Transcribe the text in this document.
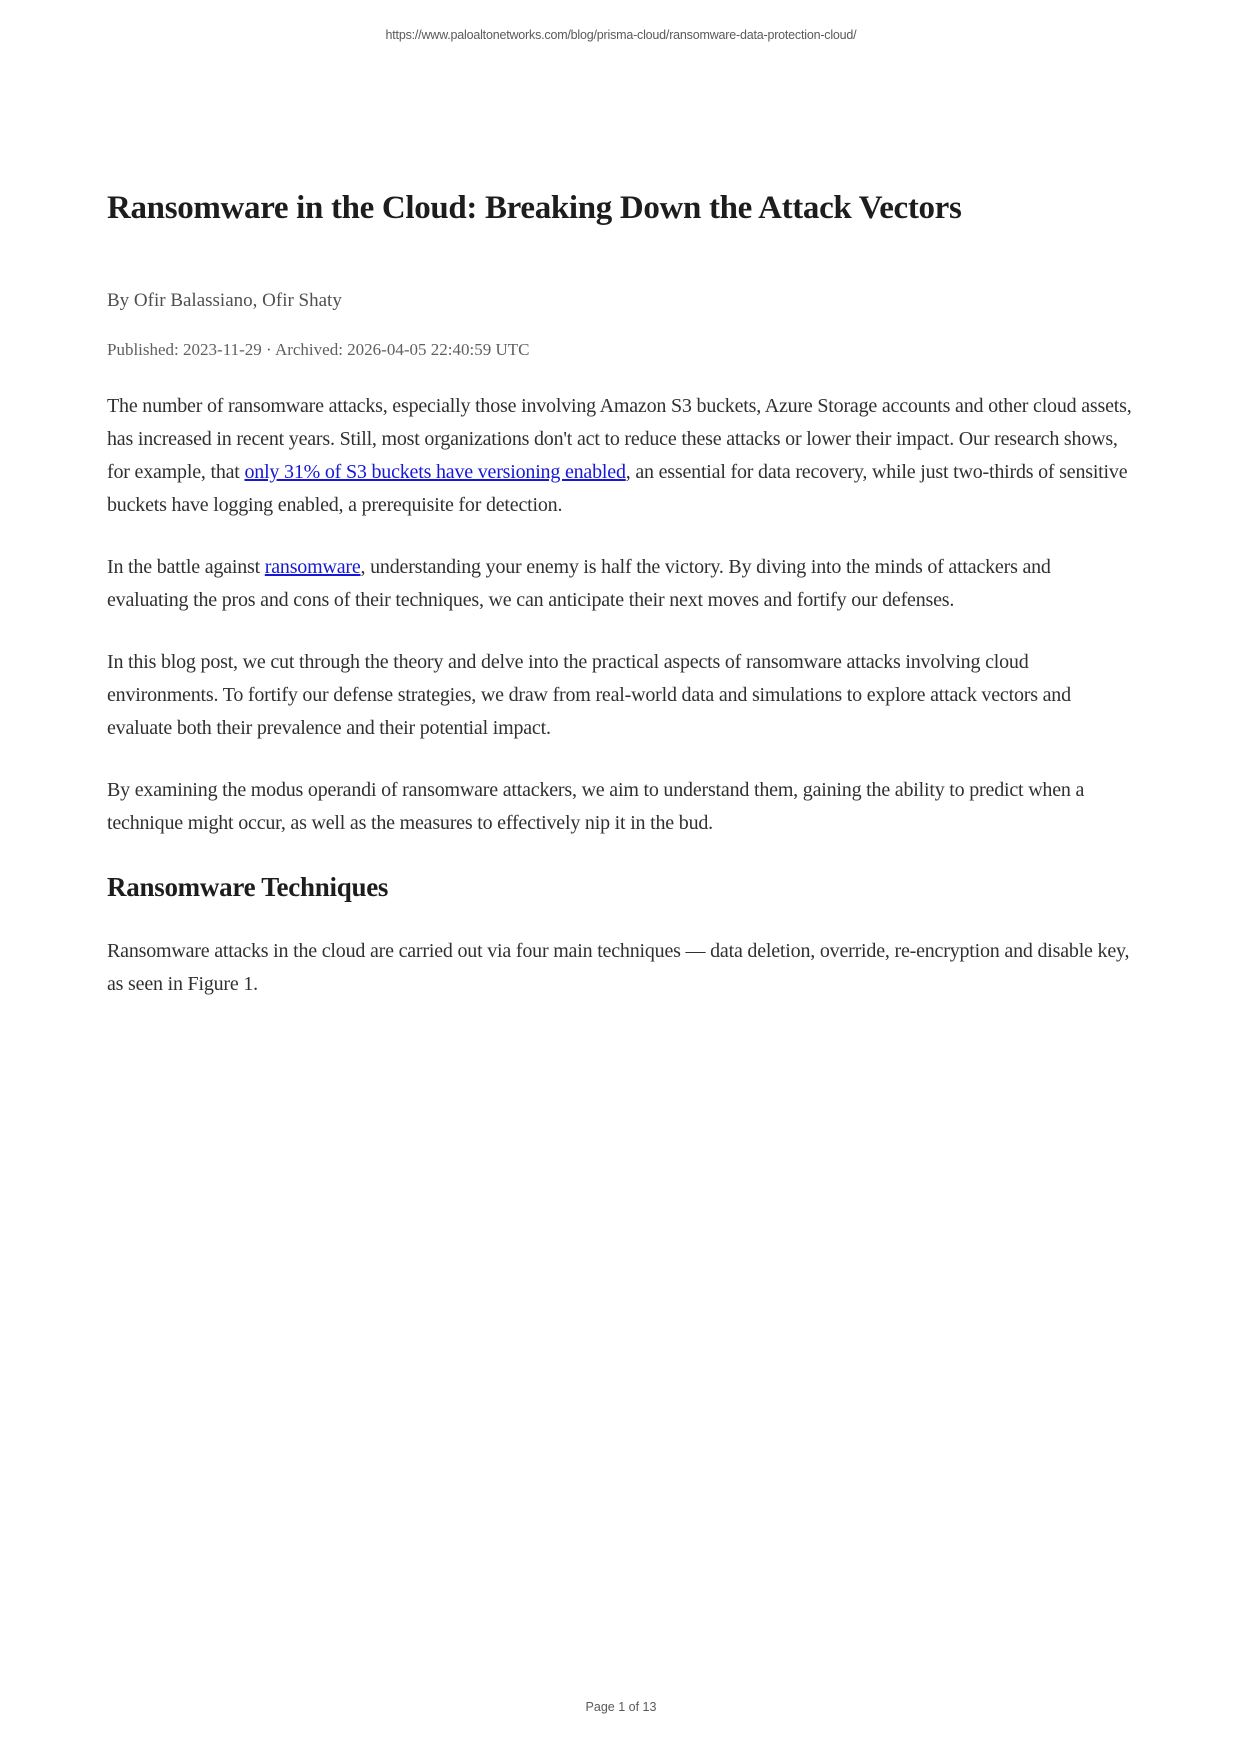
https://www.paloaltonetworks.com/blog/prisma-cloud/ransomware-data-protection-cloud/
Ransomware in the Cloud: Breaking Down the Attack Vectors
By Ofir Balassiano, Ofir Shaty
Published: 2023-11-29 · Archived: 2026-04-05 22:40:59 UTC

The number of ransomware attacks, especially those involving Amazon S3 buckets, Azure Storage accounts and other cloud assets, has increased in recent years. Still, most organizations don't act to reduce these attacks or lower their impact. Our research shows, for example, that only 31% of S3 buckets have versioning enabled, an essential for data recovery, while just two-thirds of sensitive buckets have logging enabled, a prerequisite for detection.

In the battle against ransomware, understanding your enemy is half the victory. By diving into the minds of attackers and evaluating the pros and cons of their techniques, we can anticipate their next moves and fortify our defenses.

In this blog post, we cut through the theory and delve into the practical aspects of ransomware attacks involving cloud environments. To fortify our defense strategies, we draw from real-world data and simulations to explore attack vectors and evaluate both their prevalence and their potential impact.

By examining the modus operandi of ransomware attackers, we aim to understand them, gaining the ability to predict when a technique might occur, as well as the measures to effectively nip it in the bud.

Ransomware Techniques

Ransomware attacks in the cloud are carried out via four main techniques — data deletion, override, re-encryption and disable key, as seen in Figure 1.

Page 1 of 13
